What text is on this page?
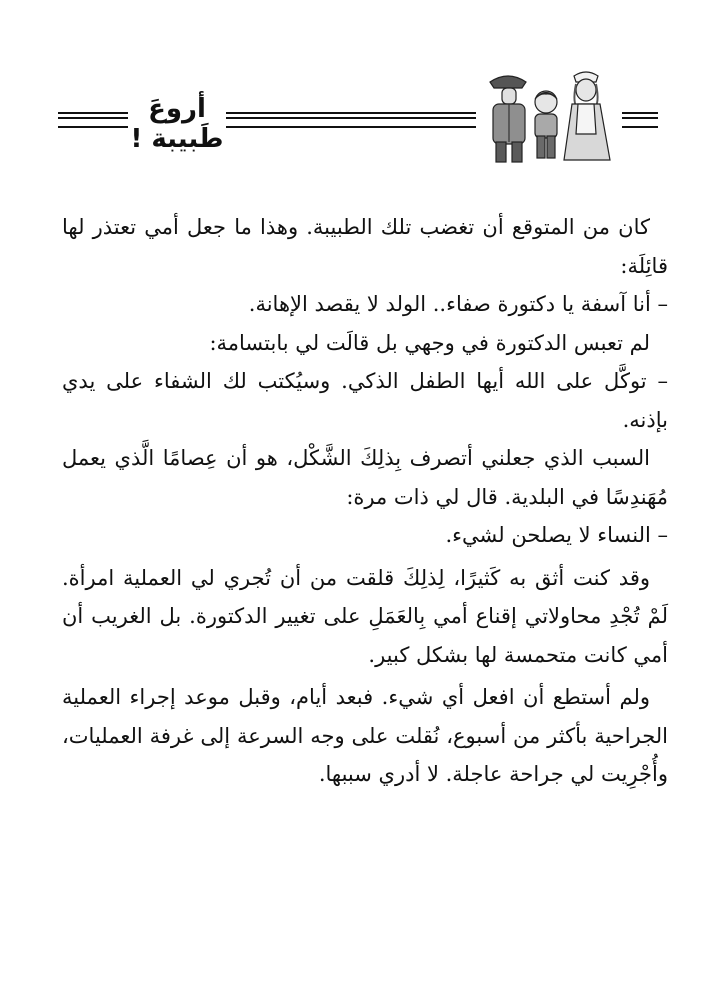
أروعَ طَبيبة !

كان من المتوقع أن تغضب تلك الطبيبة. وهذا ما جعل أمي تعتذر لها قائِلَة:

– أنا آسفة يا دكتورة صفاء.. الولد لا يقصد الإهانة.

لم تعبس الدكتورة في وجهي بل قالَت لي بابتسامة:

– توكَّل على الله أيها الطفل الذكي. وسيُكتب لك الشفاء على يدي بإذنه.

السبب الذي جعلني أتصرف بِذلِكَ الشَّكْل، هو أن عِصامًا الَّذي يعمل مُهَندِسًا في البلدية. قال لي ذات مرة:

– النساء لا يصلحن لشيء.

وقد كنت أثق به كَثيرًا، لِذلِكَ قلقت من أن تُجري لي العملية امرأة. لَمْ تُجْدِ محاولاتي إقناع أمي بِالعَمَلِ على تغيير الدكتورة. بل الغريب أن أمي كانت متحمسة لها بشكل كبير.

ولم أستطع أن افعل أي شيء. فبعد أيام، وقبل موعد إجراء العملية الجراحية بأكثر من أسبوع، نُقلت على وجه السرعة إلى غرفة العمليات، وأُجْرِيت لي جراحة عاجلة. لا أدري سببها.
